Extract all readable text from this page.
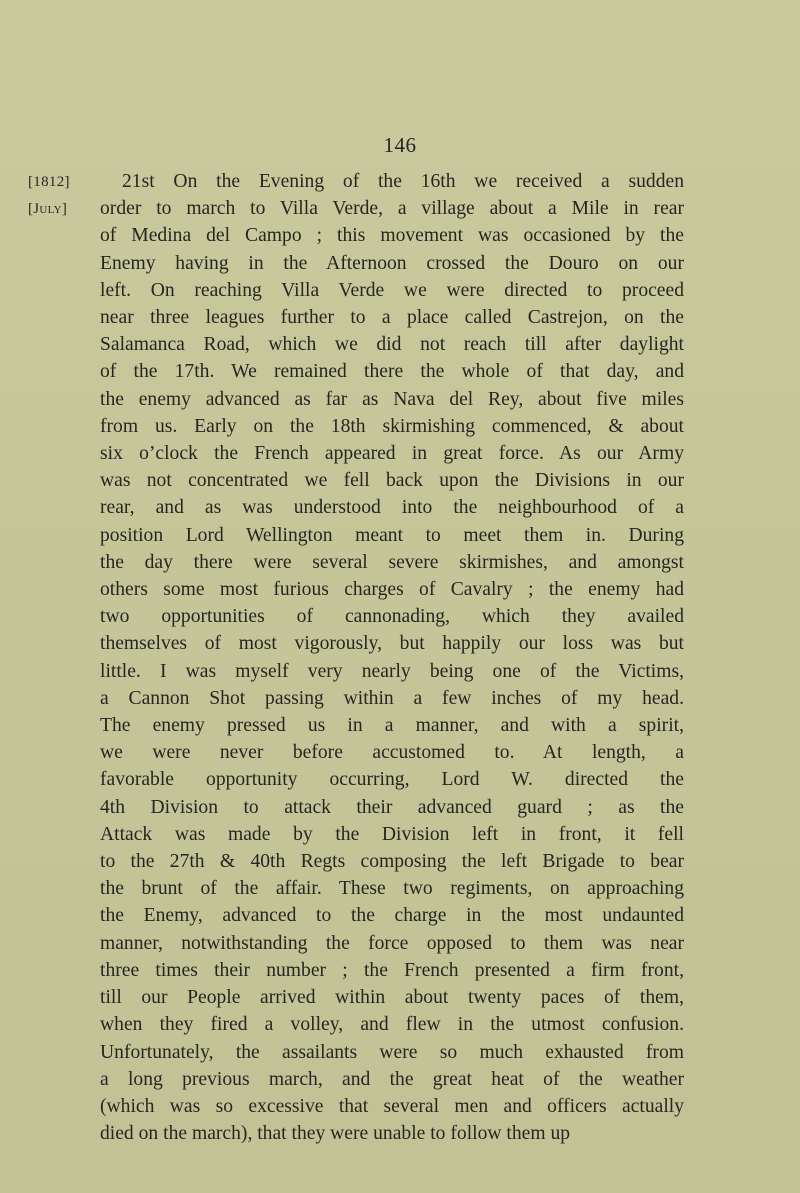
146
[1812]
[July]
21st On the Evening of the 16th we received a sudden
order to march to Villa Verde, a village about a Mile in rear
of Medina del Campo ; this movement was occasioned by the
Enemy having in the Afternoon crossed the Douro on our
left. On reaching Villa Verde we were directed to proceed
near three leagues further to a place called Castrejon, on the
Salamanca Road, which we did not reach till after daylight
of the 17th. We remained there the whole of that day, and
the enemy advanced as far as Nava del Rey, about five miles
from us. Early on the 18th skirmishing commenced, & about
six o’clock the French appeared in great force. As our Army
was not concentrated we fell back upon the Divisions in our
rear, and as was understood into the neighbourhood of a
position Lord Wellington meant to meet them in. During
the day there were several severe skirmishes, and amongst
others some most furious charges of Cavalry ; the enemy had
two opportunities of cannonading, which they availed
themselves of most vigorously, but happily our loss was but
little. I was myself very nearly being one of the Victims,
a Cannon Shot passing within a few inches of my head.
The enemy pressed us in a manner, and with a spirit,
we were never before accustomed to. At length, a
favorable opportunity occurring, Lord W. directed the
4th Division to attack their advanced guard ; as the
Attack was made by the Division left in front, it fell
to the 27th & 40th Regts composing the left Brigade to bear
the brunt of the affair. These two regiments, on approaching
the Enemy, advanced to the charge in the most undaunted
manner, notwithstanding the force opposed to them was near
three times their number ; the French presented a firm front,
till our People arrived within about twenty paces of them,
when they fired a volley, and flew in the utmost confusion.
Unfortunately, the assailants were so much exhausted from
a long previous march, and the great heat of the weather
(which was so excessive that several men and officers actually
died on the march), that they were unable to follow them up
